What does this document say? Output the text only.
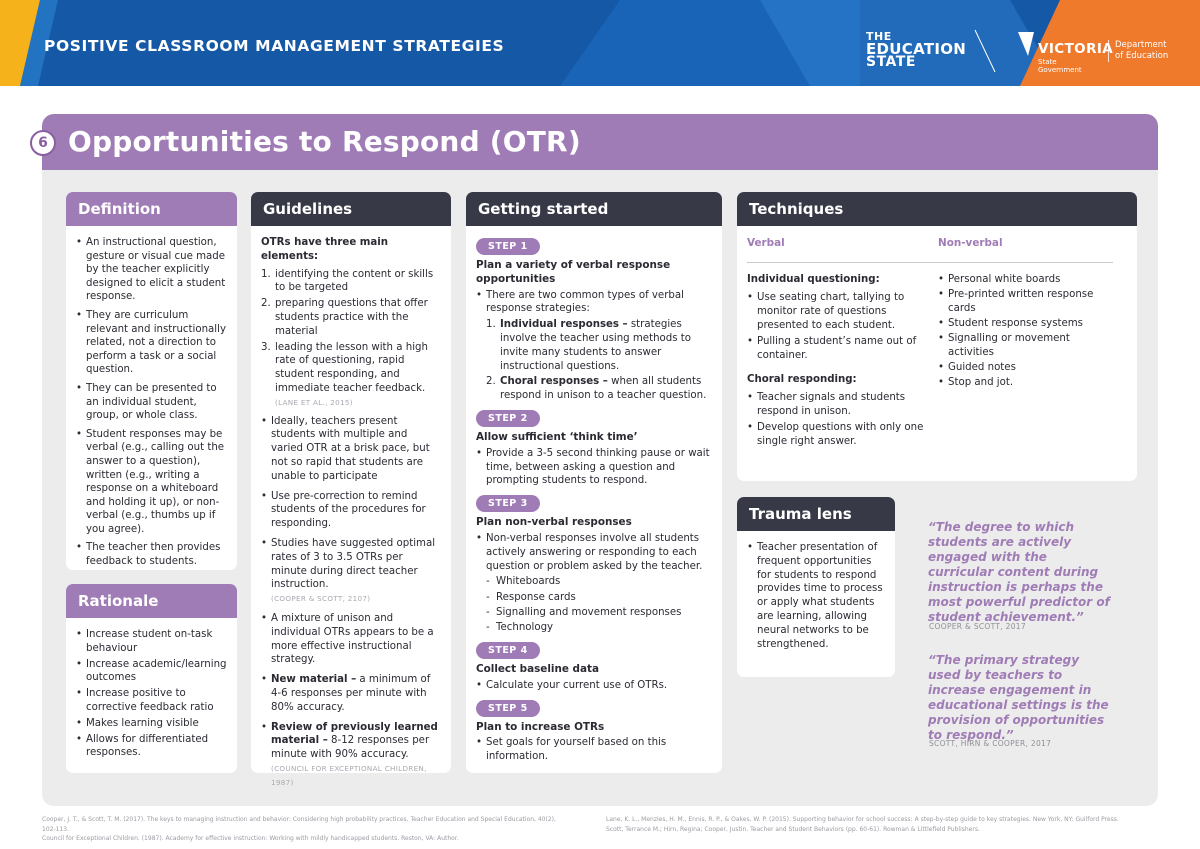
POSITIVE CLASSROOM MANAGEMENT STRATEGIES
THE
EDUCATION
STATE
VICTORIA
State
Government
Department
of Education
6 Opportunities to Respond (OTR)
Definition
• An instructional question, gesture or visual cue made by the teacher explicitly designed to elicit a student response.
• They are curriculum relevant and instructionally related, not a direction to perform a task or a social question.
• They can be presented to an individual student, group, or whole class.
• Student responses may be verbal (e.g., calling out the answer to a question), written (e.g., writing a response on a whiteboard and holding it up), or non-verbal (e.g., thumbs up if you agree).
• The teacher then provides feedback to students.
Rationale
• Increase student on-task behaviour
• Increase academic/learning outcomes
• Increase positive to corrective feedback ratio
• Makes learning visible
• Allows for differentiated responses.
Guidelines
OTRs have three main elements:
1. identifying the content or skills to be targeted
2. preparing questions that offer students practice with the material
3. leading the lesson with a high rate of questioning, rapid student responding, and immediate teacher feedback. (LANE ET AL., 2015)
• Ideally, teachers present students with multiple and varied OTR at a brisk pace, but not so rapid that students are unable to participate
• Use pre-correction to remind students of the procedures for responding.
• Studies have suggested optimal rates of 3 to 3.5 OTRs per minute during direct teacher instruction.
(COOPER & SCOTT, 2107)
• A mixture of unison and individual OTRs appears to be a more effective instructional strategy.
• New material – a minimum of 4-6 responses per minute with 80% accuracy.
• Review of previously learned material – 8-12 responses per minute with 90% accuracy.
(COUNCIL FOR EXCEPTIONAL CHILDREN, 1987)
Getting started
STEP 1
Plan a variety of verbal response opportunities
• There are two common types of verbal response strategies:
1. Individual responses – strategies involve the teacher using methods to invite many students to answer instructional questions.
2. Choral responses – when all students respond in unison to a teacher question.
STEP 2
Allow sufficient ‘think time’
• Provide a 3-5 second thinking pause or wait time, between asking a question and prompting students to respond.
STEP 3
Plan non-verbal responses
• Non-verbal responses involve all students actively answering or responding to each question or problem asked by the teacher.
- Whiteboards
- Response cards
- Signalling and movement responses
- Technology
STEP 4
Collect baseline data
• Calculate your current use of OTRs.
STEP 5
Plan to increase OTRs
• Set goals for yourself based on this information.
Techniques
Verbal	Non-verbal
Individual questioning:
• Use seating chart, tallying to monitor rate of questions presented to each student.
• Pulling a student’s name out of container.
Choral responding:
• Teacher signals and students respond in unison.
• Develop questions with only one single right answer.
• Personal white boards
• Pre-printed written response cards
• Student response systems
• Signalling or movement activities
• Guided notes
• Stop and jot.
Trauma lens
• Teacher presentation of frequent opportunities for students to respond provides time to process or apply what students are learning, allowing neural networks to be strengthened.
“The degree to which students are actively engaged with the curricular content during instruction is perhaps the most powerful predictor of student achievement.”
COOPER & SCOTT, 2017
“The primary strategy used by teachers to increase engagement in educational settings is the provision of opportunities to respond.”
SCOTT, HIRN & COOPER, 2017
Cooper, J. T., & Scott, T. M. (2017). The keys to managing instruction and behavior: Considering high probability practices. Teacher Education and Special Education, 40(2), 102-113.
Council for Exceptional Children. (1987). Academy for effective instruction: Working with mildly handicapped students. Reston, VA: Author.
Lane, K. L., Menzies, H. M., Ennis, R. P., & Oakes, W. P. (2015). Supporting behavior for school success: A step-by-step guide to key strategies. New York, NY: Guilford Press.
Scott, Terrance M.; Hirn, Regina; Cooper, Justin. Teacher and Student Behaviors (pp. 60-61). Rowman & Littlefield Publishers.
